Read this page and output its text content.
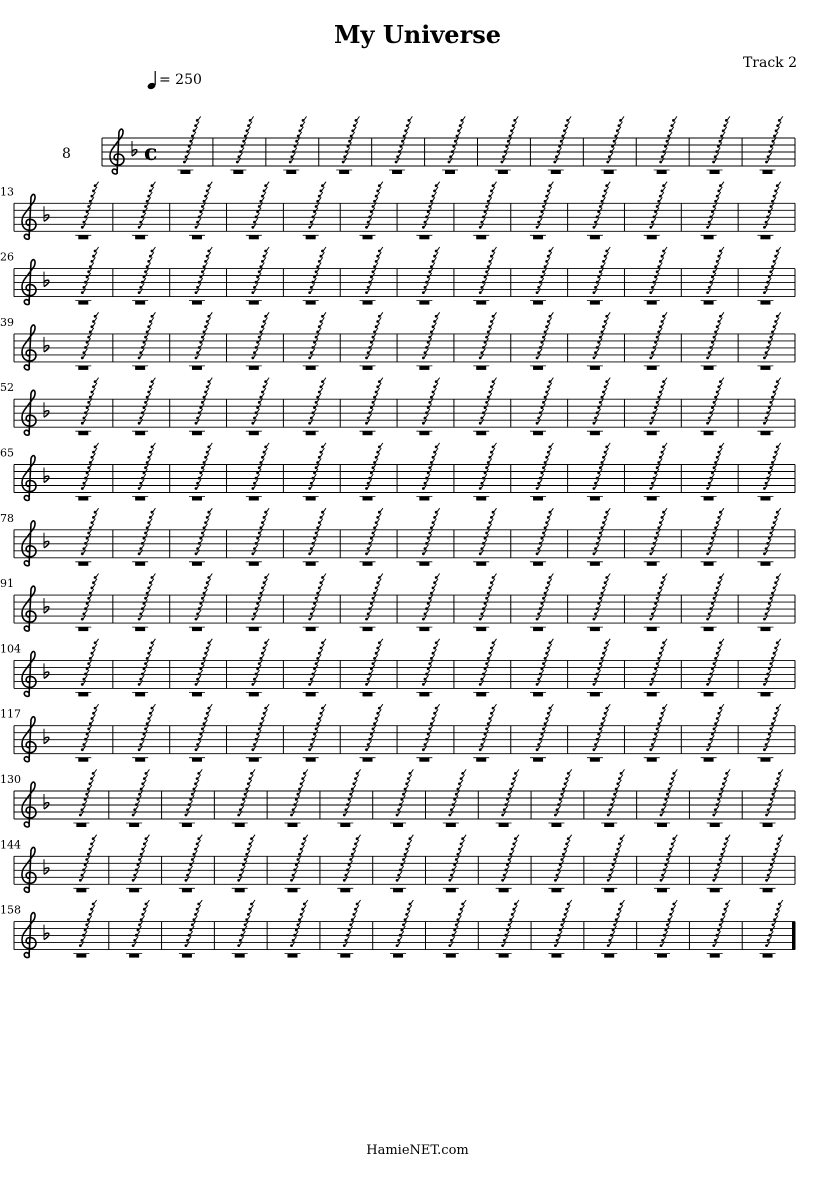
My Universe
Track 2
= 250
8	c
13
26
39
52
65
78
91
104
117
130
144
158
HamieNET.com
